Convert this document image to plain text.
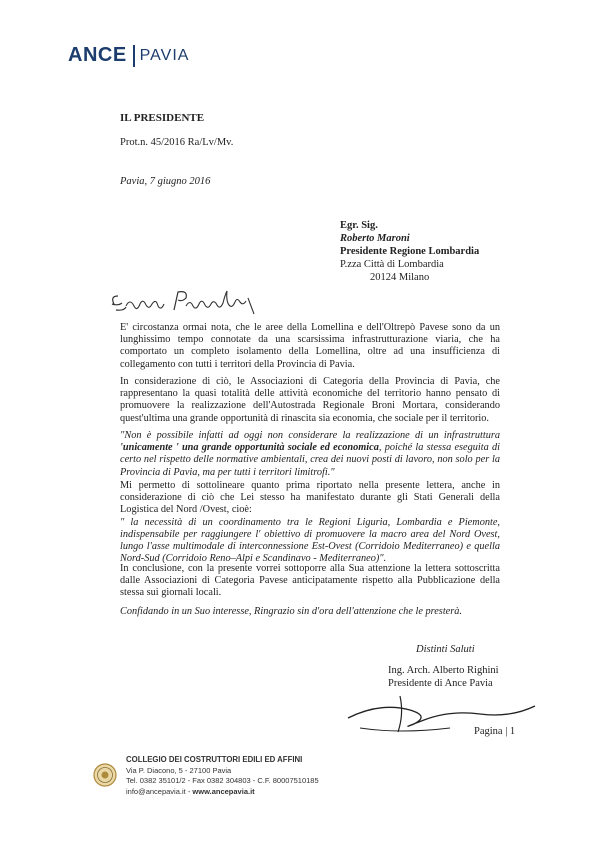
ANCE PAVIA
IL PRESIDENTE
Prot.n. 45/2016 Ra/Lv/Mv.
Pavia, 7 giugno 2016
Egr. Sig.
Roberto Maroni
Presidente Regione Lombardia
P.zza Città di Lombardia
20124 Milano
E' circostanza ormai nota, che le aree della Lomellina e dell'Oltrepò Pavese sono da un lunghissimo tempo connotate da una scarsissima infrastrutturazione viaria, che ha comportato un completo isolamento della Lomellina, oltre ad una insufficienza di collegamento con tutti i territori della Provincia di Pavia.
In considerazione di ciò, le Associazioni di Categoria della Provincia di Pavia, che rappresentano la quasi totalità delle attività economiche del territorio hanno pensato di promuovere la realizzazione dell'Autostrada Regionale Broni Mortara, considerando quest'ultima una grande opportunità di rinascita sia economia, che sociale per il territorio.
"Non è possibile infatti ad oggi non considerare la realizzazione di un infrastruttura 'unicamente ' una grande opportunità sociale ed economica, poiché la stessa eseguita di certo nel rispetto delle normative ambientali, crea dei nuovi posti di lavoro, non solo per la Provincia di Pavia, ma per tutti i territori limitrofi."
Mi permetto di sottolineare quanto prima riportato nella presente lettera, anche in considerazione di ciò che Lei stesso ha manifestato durante gli Stati Generali della Logistica del Nord /Ovest, cioè:
" la necessità di un coordinamento tra le Regioni Liguria, Lombardia e Piemonte, indispensabile per raggiungere l' obiettivo di promuovere la macro area del Nord Ovest, lungo l'asse multimodale di interconnessione Est-Ovest (Corridoio Mediterraneo) e quella Nord-Sud (Corridoio Reno–Alpi e Scandinavo - Mediterraneo)".
In conclusione, con la presente vorrei sottoporre alla Sua attenzione la lettera sottoscritta dalle Associazioni di Categoria Pavese anticipatamente rispetto alla Pubblicazione della stessa sui giornali locali.
Confidando in un Suo interesse, Ringrazio sin d'ora dell'attenzione che le presterà.
Distinti Saluti
Ing. Arch. Alberto Righini
Presidente di Ance Pavia
Pagina | 1
COLLEGIO DEI COSTRUTTORI EDILI ED AFFINI
Via P. Diacono, 5 - 27100 Pavia
Tel. 0382 35101/2 - Fax 0382 304803 - C.F. 80007510185
info@ancepavia.it - www.ancepavia.it
